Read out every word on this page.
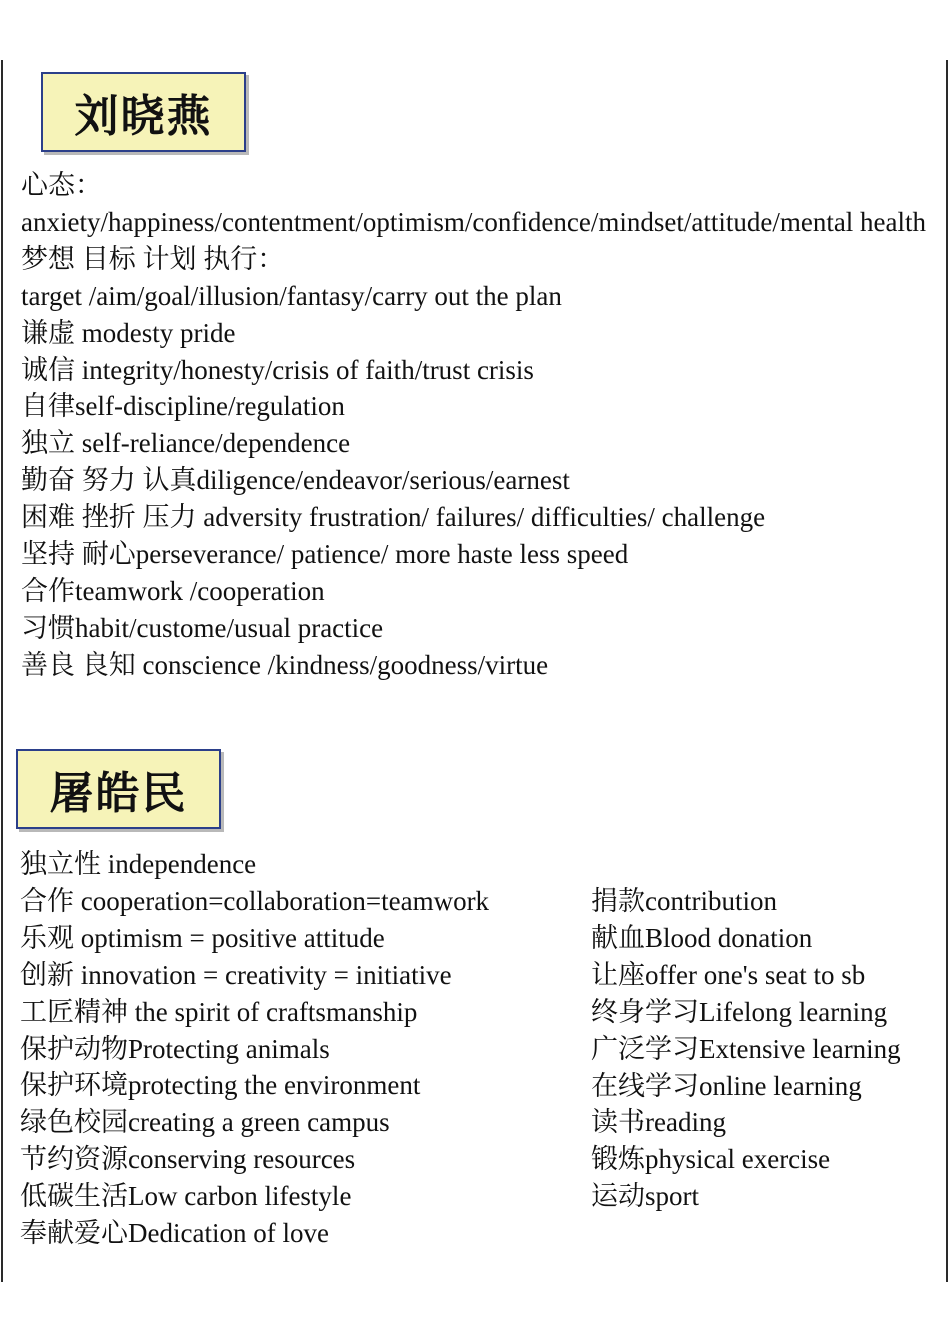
刘晓燕
心态：
anxiety/happiness/contentment/optimism/confidence/mindset/attitude/mental health
梦想 目标 计划 执行：
target /aim/goal/illusion/fantasy/carry out the plan
谦虚 modesty pride
诚信 integrity/honesty/crisis of faith/trust crisis
自律self-discipline/regulation
独立 self-reliance/dependence
勤奋 努力 认真diligence/endeavor/serious/earnest
困难 挫折 压力 adversity frustration/ failures/ difficulties/ challenge
坚持 耐心perseverance/ patience/ more haste less speed
合作teamwork /cooperation
习惯habit/custome/usual practice
善良 良知 conscience /kindness/goodness/virtue
屠皓民
独立性 independence
合作 cooperation=collaboration=teamwork
乐观 optimism = positive attitude
创新 innovation = creativity = initiative
工匠精神 the spirit of craftsmanship
保护动物Protecting animals
保护环境protecting the environment
绿色校园creating a green campus
节约资源conserving resources
低碳生活Low carbon lifestyle
奉献爱心Dedication of love
捐款contribution
献血Blood donation
让座offer one's seat to sb
终身学习Lifelong learning
广泛学习Extensive learning
在线学习online learning
读书reading
锻炼physical exercise
运动sport
